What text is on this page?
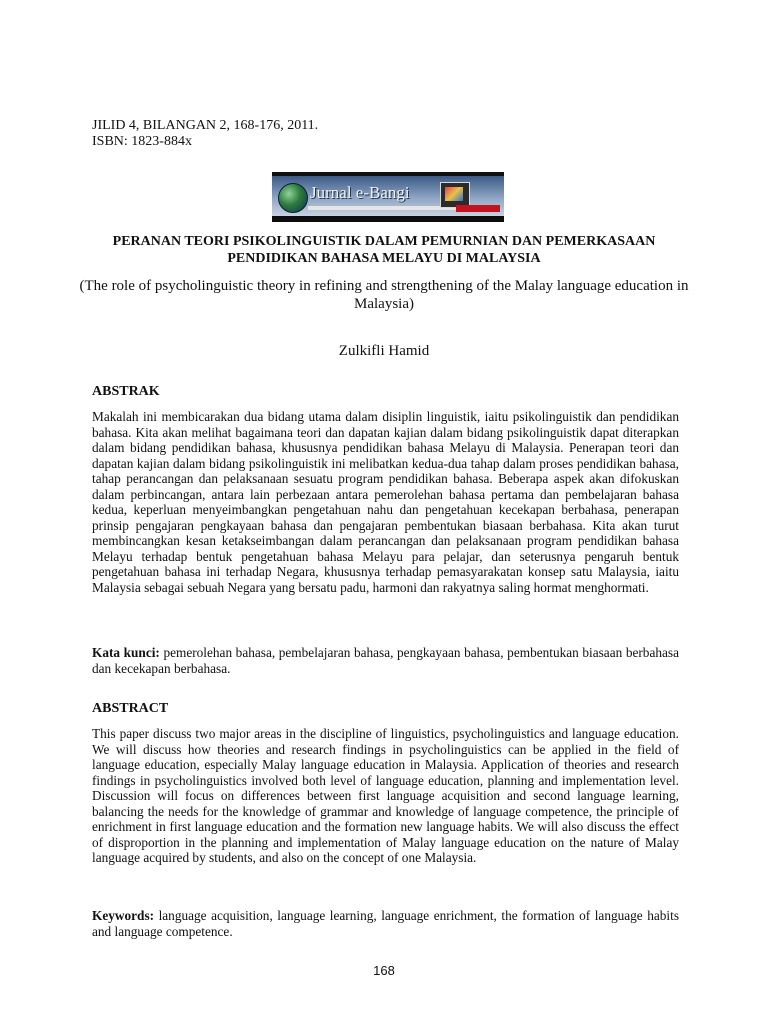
JILID 4, BILANGAN 2, 168-176, 2011.
ISBN: 1823-884x
Jurnal e-Bangi
PERANAN TEORI PSIKOLINGUISTIK DALAM PEMURNIAN DAN PEMERKASAAN
PENDIDIKAN BAHASA MELAYU DI MALAYSIA
(The role of psycholinguistic theory in refining and strengthening of the Malay language education in Malaysia)
Zulkifli Hamid
ABSTRAK
Makalah ini membicarakan dua bidang utama dalam disiplin linguistik, iaitu psikolinguistik dan pendidikan bahasa. Kita akan melihat bagaimana teori dan dapatan kajian dalam bidang psikolinguistik dapat diterapkan dalam bidang pendidikan bahasa, khususnya pendidikan bahasa Melayu di Malaysia. Penerapan teori dan dapatan kajian dalam bidang psikolinguistik ini melibatkan kedua-dua tahap dalam proses pendidikan bahasa, tahap perancangan dan pelaksanaan sesuatu program pendidikan bahasa. Beberapa aspek akan difokuskan dalam perbincangan, antara lain perbezaan antara pemerolehan bahasa pertama dan pembelajaran bahasa kedua, keperluan menyeimbangkan pengetahuan nahu dan pengetahuan kecekapan berbahasa, penerapan prinsip pengajaran pengkayaan bahasa dan pengajaran pembentukan biasaan berbahasa. Kita akan turut membincangkan kesan ketakseimbangan dalam perancangan dan pelaksanaan program pendidikan bahasa Melayu terhadap bentuk pengetahuan bahasa Melayu para pelajar, dan seterusnya pengaruh bentuk pengetahuan bahasa ini terhadap Negara, khususnya terhadap pemasyarakatan konsep satu Malaysia, iaitu Malaysia sebagai sebuah Negara yang bersatu padu, harmoni dan rakyatnya saling hormat menghormati.
Kata kunci: pemerolehan bahasa, pembelajaran bahasa, pengkayaan bahasa, pembentukan biasaan berbahasa dan kecekapan berbahasa.
ABSTRACT
This paper discuss two major areas in the discipline of linguistics, psycholinguistics and language education. We will discuss how theories and research findings in psycholinguistics can be applied in the field of language education, especially Malay language education in Malaysia. Application of theories and research findings in psycholinguistics involved both level of language education, planning and implementation level. Discussion will focus on differences between first language acquisition and second language learning, balancing the needs for the knowledge of grammar and knowledge of language competence, the principle of enrichment in first language education and the formation new language habits. We will also discuss the effect of disproportion in the planning and implementation of Malay language education on the nature of Malay language acquired by students, and also on the concept of one Malaysia.
Keywords: language acquisition, language learning, language enrichment, the formation of language habits and language competence.
168
